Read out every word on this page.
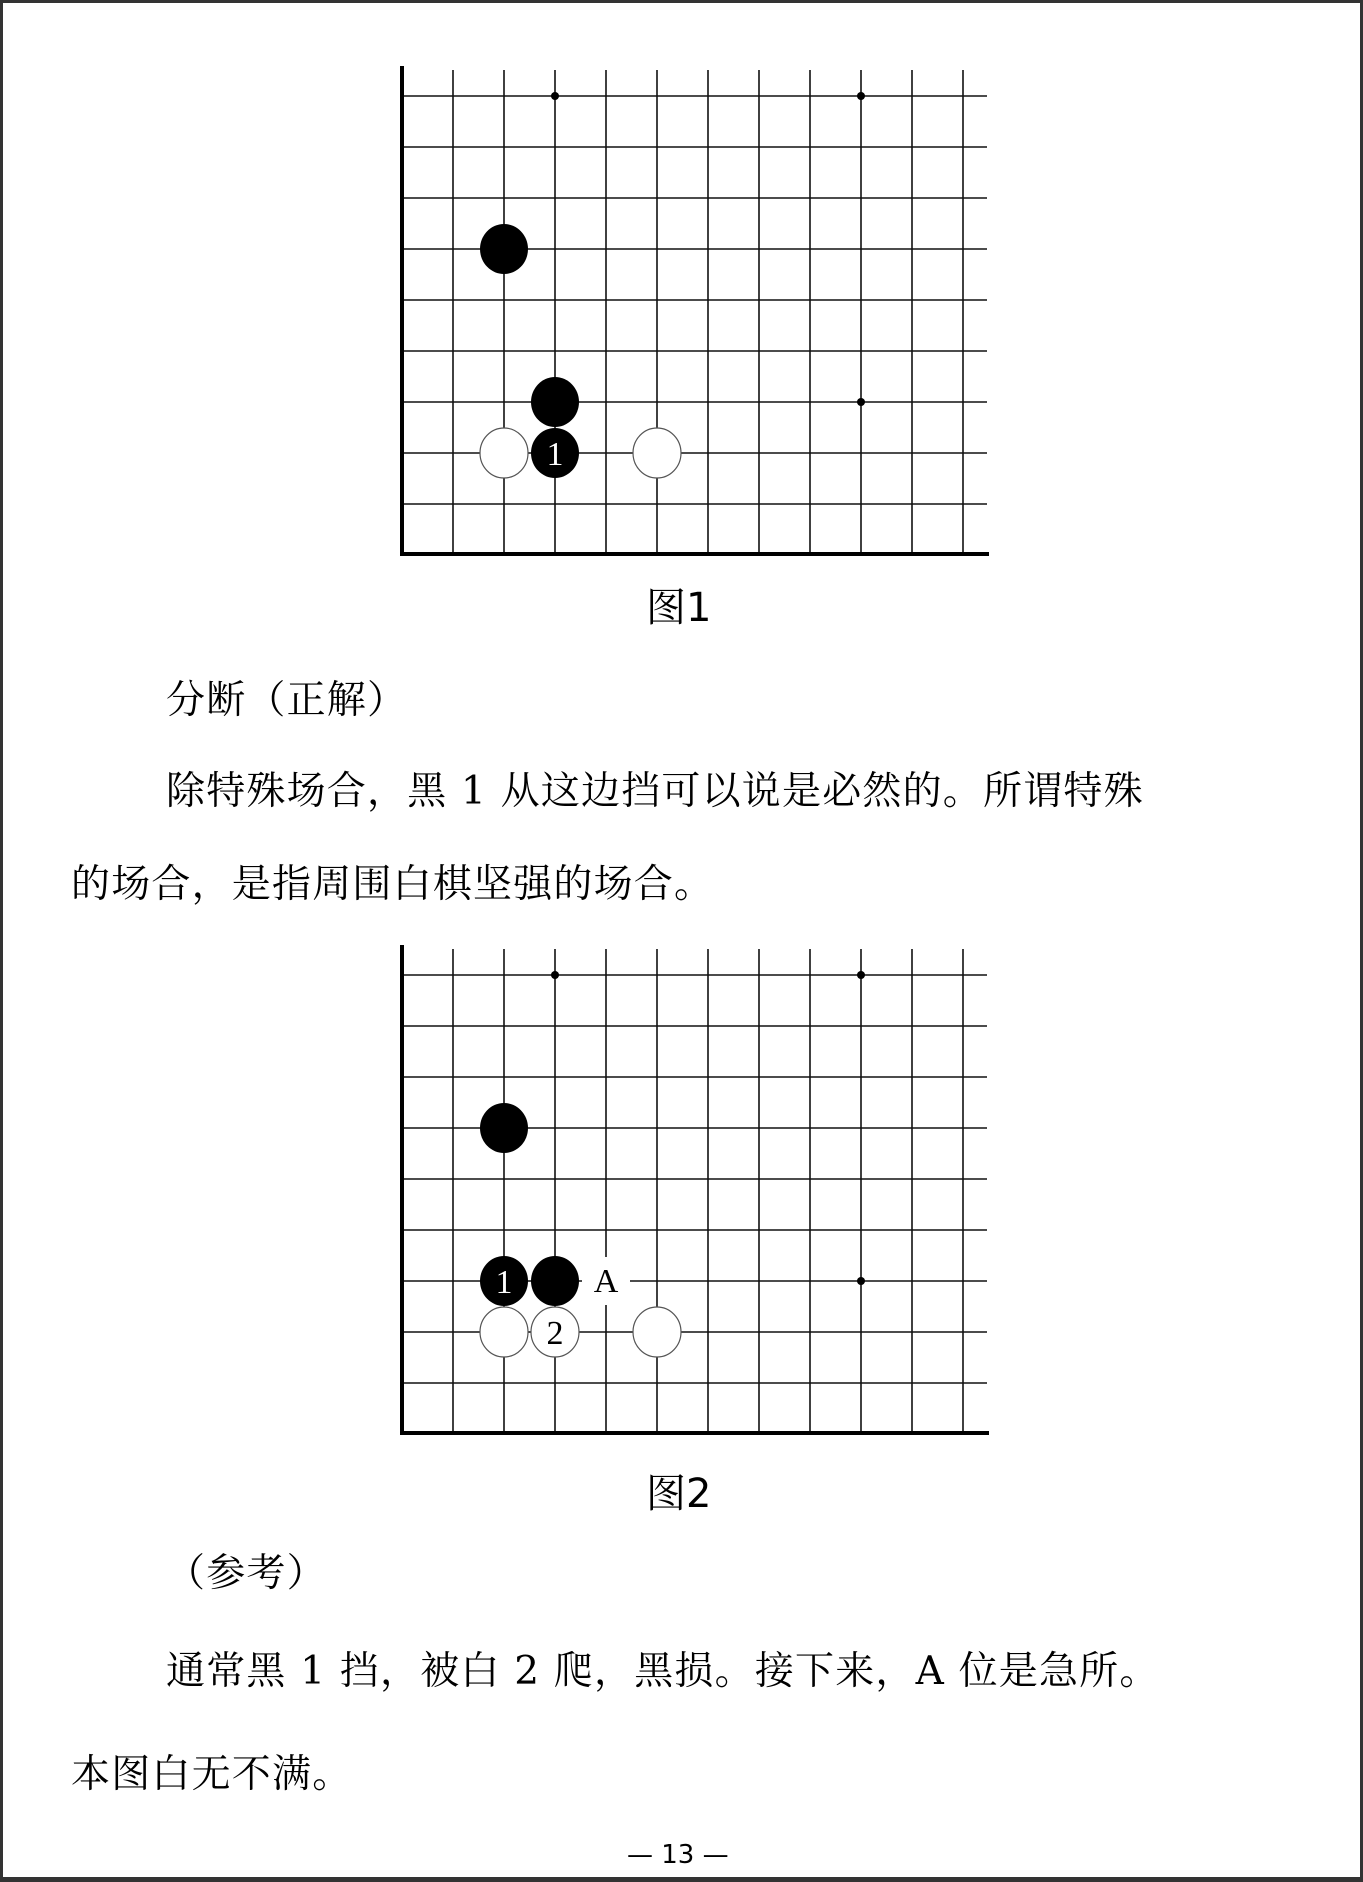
1
图1
分断（正解）
除特殊场合，黑 1 从这边挡可以说是必然的。所谓特殊
的场合，是指周围白棋坚强的场合。
A
1
2
图2
（参考）
通常黑 1 挡，被白 2 爬，黑损。接下来，A 位是急所。
本图白无不满。
— 13 —
